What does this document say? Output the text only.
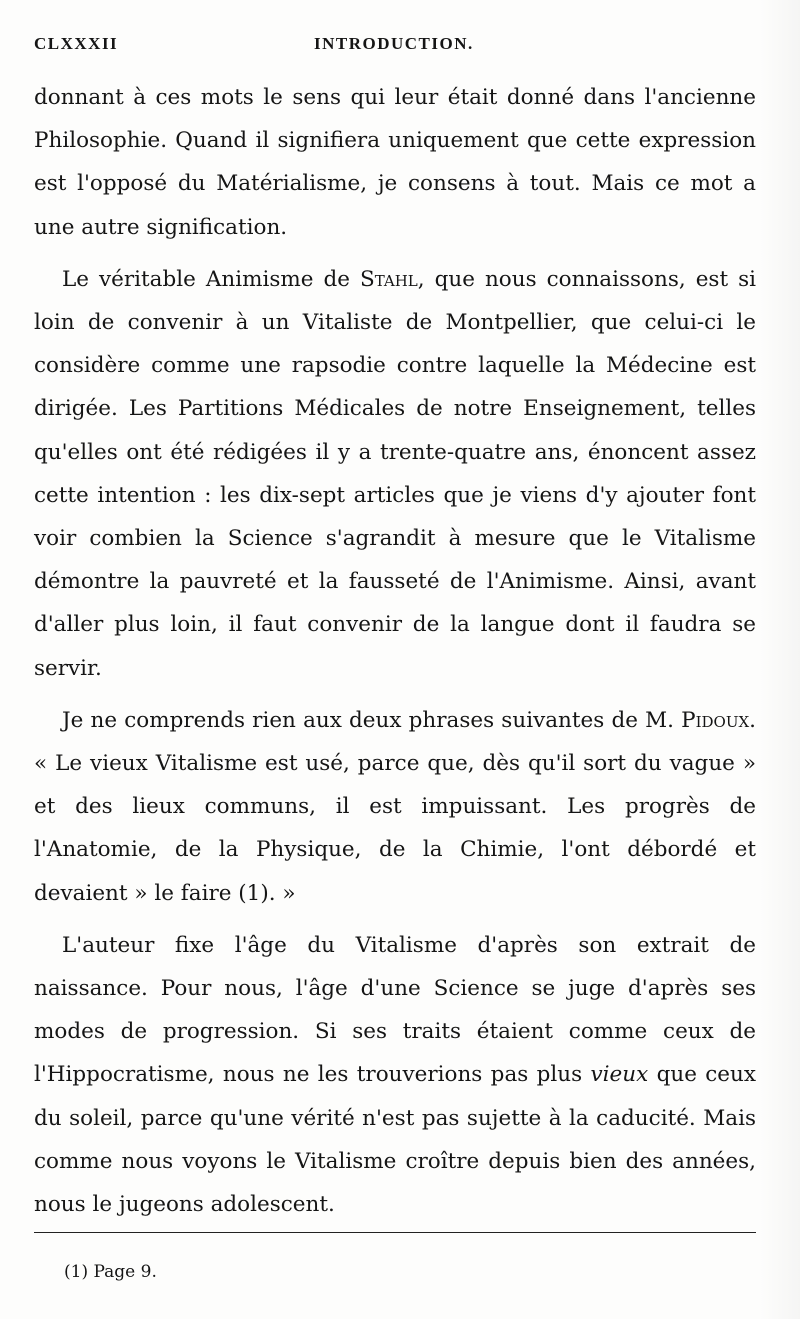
CLXXXII	INTRODUCTION.

donnant à ces mots le sens qui leur était donné dans l'ancienne Philosophie. Quand il signifiera uniquement que cette expression est l'opposé du Matérialisme, je consens à tout. Mais ce mot a une autre signification.

Le véritable Animisme de Stahl, que nous connaissons, est si loin de convenir à un Vitaliste de Montpellier, que celui-ci le considère comme une rapsodie contre laquelle la Médecine est dirigée. Les Partitions Médicales de notre Enseignement, telles qu'elles ont été rédigées il y a trente-quatre ans, énoncent assez cette intention : les dix-sept articles que je viens d'y ajouter font voir combien la Science s'agrandit à mesure que le Vitalisme démontre la pauvreté et la fausseté de l'Animisme. Ainsi, avant d'aller plus loin, il faut convenir de la langue dont il faudra se servir.

Je ne comprends rien aux deux phrases suivantes de M. Pidoux. « Le vieux Vitalisme est usé, parce que, dès qu'il sort du vague » et des lieux communs, il est impuissant. Les progrès de l'Anatomie, de la Physique, de la Chimie, l'ont débordé et devaient » le faire (1). »

L'auteur fixe l'âge du Vitalisme d'après son extrait de naissance. Pour nous, l'âge d'une Science se juge d'après ses modes de progression. Si ses traits étaient comme ceux de l'Hippocratisme, nous ne les trouverions pas plus vieux que ceux du soleil, parce qu'une vérité n'est pas sujette à la caducité. Mais comme nous voyons le Vitalisme croître depuis bien des années, nous le jugeons adolescent.

(1) Page 9.
